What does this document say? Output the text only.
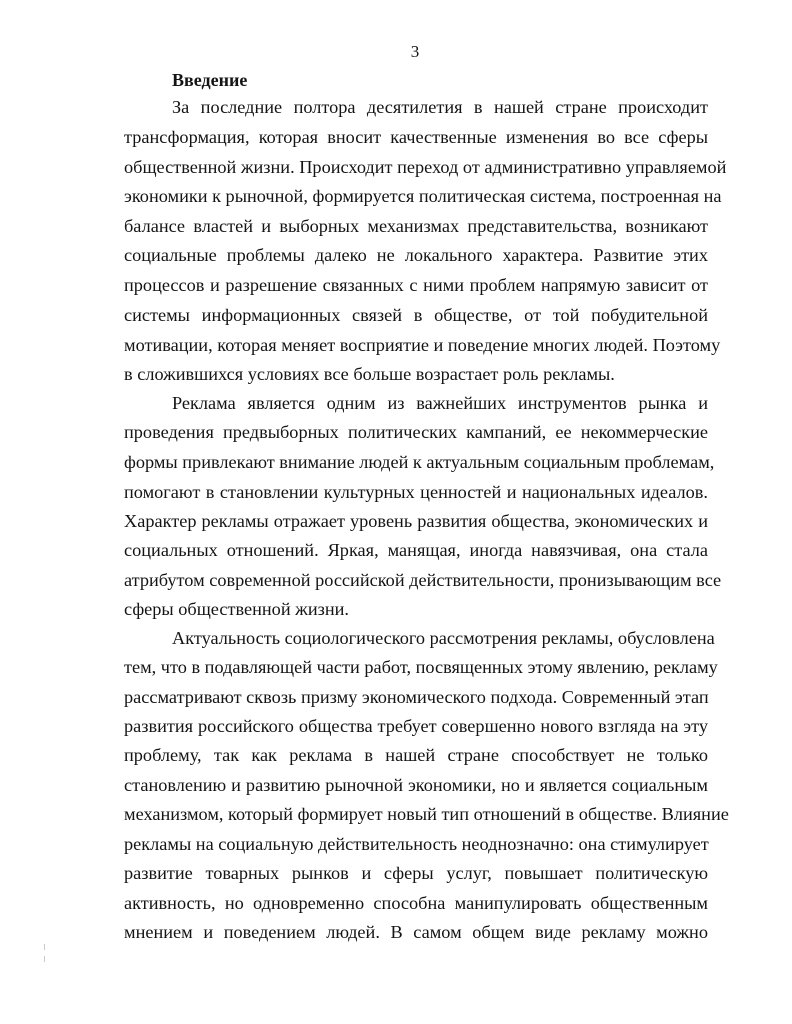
3
Введение
За последние полтора десятилетия в нашей стране происходит
трансформация, которая вносит качественные изменения во все сферы
общественной жизни. Происходит переход от административно управляемой
экономики к рыночной, формируется политическая система, построенная на
балансе властей и выборных механизмах представительства, возникают
социальные проблемы далеко не локального характера. Развитие этих
процессов и разрешение связанных с ними проблем напрямую зависит от
системы информационных связей в обществе, от той побудительной
мотивации, которая меняет восприятие и поведение многих людей. Поэтому
в сложившихся условиях все больше возрастает роль рекламы.
Реклама является одним из важнейших инструментов рынка и
проведения предвыборных политических кампаний, ее некоммерческие
формы привлекают внимание людей к актуальным социальным проблемам,
помогают в становлении культурных ценностей и национальных идеалов.
Характер рекламы отражает уровень развития общества, экономических и
социальных отношений. Яркая, манящая, иногда навязчивая, она стала
атрибутом современной российской действительности, пронизывающим все
сферы общественной жизни.
Актуальность социологического рассмотрения рекламы, обусловлена
тем, что в подавляющей части работ, посвященных этому явлению, рекламу
рассматривают сквозь призму экономического подхода. Современный этап
развития российского общества требует совершенно нового взгляда на эту
проблему, так как реклама в нашей стране способствует не только
становлению и развитию рыночной экономики, но и является социальным
механизмом, который формирует новый тип отношений в обществе. Влияние
рекламы на социальную действительность неоднозначно: она стимулирует
развитие товарных рынков и сферы услуг, повышает политическую
активность, но одновременно способна манипулировать общественным
мнением и поведением людей. В самом общем виде рекламу можно
